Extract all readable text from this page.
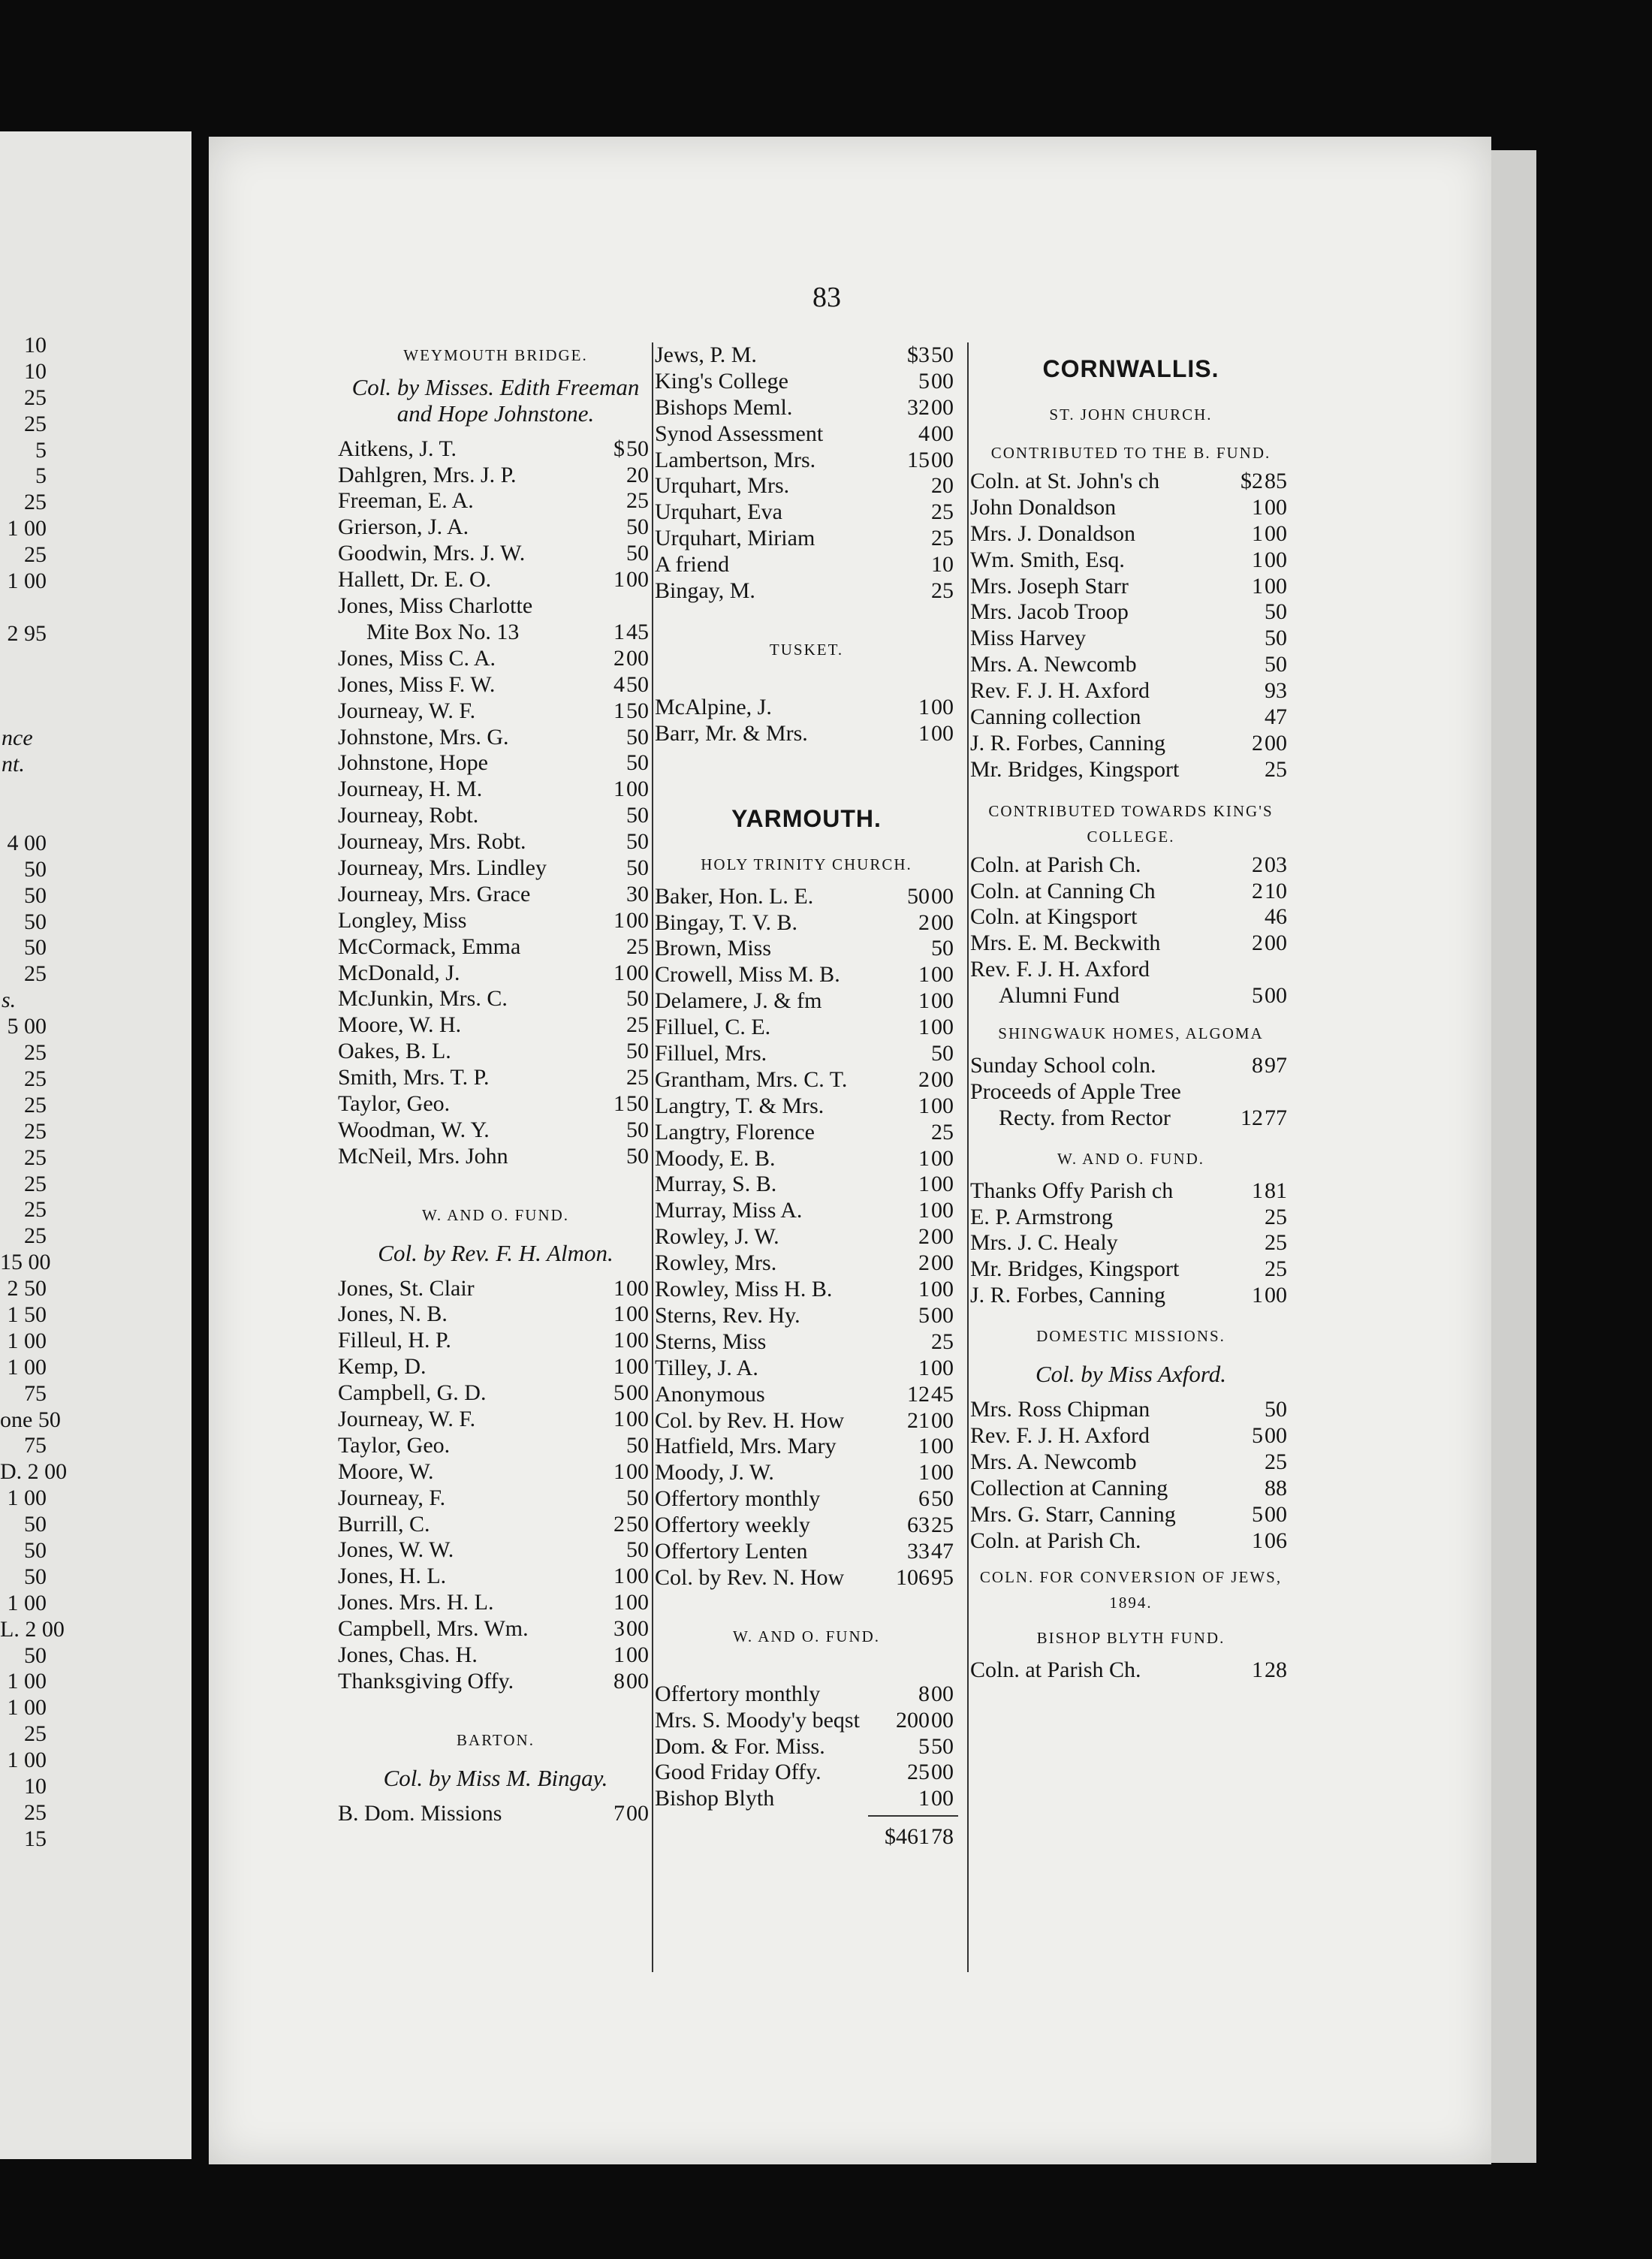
10
10
25
25
5
5
25
1 00
25
1 00
2 95
nce
nt.
4 00
50
50
50
50
25
s.
5 00
25
25
25
25
25
25
25
25
15 00
2 50
1 50
1 00
1 00
75
one 50
75
D. 2 00
1 00
50
50
50
1 00
L. 2 00
50
1 00
1 00
25
1 00
10
25
15
83
WEYMOUTH BRIDGE.
Col. by Misses. Edith Freeman and Hope Johnstone.
Aitkens, J. T.	$ 50
Dahlgren, Mrs. J. P.	20
Freeman, E. A.	25
Grierson, J. A.	50
Goodwin, Mrs. J. W.	50
Hallett, Dr. E. O.	1 00
Jones, Miss Charlotte
Mite Box No. 13	1 45
Jones, Miss C. A.	2 00
Jones, Miss F. W.	4 50
Journeay, W. F.	1 50
Johnstone, Mrs. G.	50
Johnstone, Hope	50
Journeay, H. M.	1 00
Journeay, Robt.	50
Journeay, Mrs. Robt.	50
Journeay, Mrs. Lindley	50
Journeay, Mrs. Grace	30
Longley, Miss	1 00
McCormack, Emma	25
McDonald, J.	1 00
McJunkin, Mrs. C.	50
Moore, W. H.	25
Oakes, B. L.	50
Smith, Mrs. T. P.	25
Taylor, Geo.	1 50
Woodman, W. Y.	50
McNeil, Mrs. John	50
W. AND O. FUND.
Col. by Rev. F. H. Almon.
Jones, St. Clair	1 00
Jones, N. B.	1 00
Filleul, H. P.	1 00
Kemp, D.	1 00
Campbell, G. D.	5 00
Journeay, W. F.	1 00
Taylor, Geo.	50
Moore, W.	1 00
Journeay, F.	50
Burrill, C.	2 50
Jones, W. W.	50
Jones, H. L.	1 00
Jones. Mrs. H. L.	1 00
Campbell, Mrs. Wm.	3 00
Jones, Chas. H.	1 00
Thanksgiving Offy.	8 00
BARTON.
Col. by Miss M. Bingay.
B. Dom. Missions	7 00
Jews, P. M.	$3 50
King's College	5 00
Bishops Meml.	32 00
Synod Assessment	4 00
Lambertson, Mrs.	15 00
Urquhart, Mrs.	20
Urquhart, Eva	25
Urquhart, Miriam	25
A friend	10
Bingay, M.	25
TUSKET.
McAlpine, J.	1 00
Barr, Mr. & Mrs.	1 00
YARMOUTH.
HOLY TRINITY CHURCH.
Baker, Hon. L. E.	50 00
Bingay, T. V. B.	2 00
Brown, Miss	50
Crowell, Miss M. B.	1 00
Delamere, J. & fm	1 00
Filluel, C. E.	1 00
Filluel, Mrs.	50
Grantham, Mrs. C. T.	2 00
Langtry, T. & Mrs.	1 00
Langtry, Florence	25
Moody, E. B.	1 00
Murray, S. B.	1 00
Murray, Miss A.	1 00
Rowley, J. W.	2 00
Rowley, Mrs.	2 00
Rowley, Miss H. B.	1 00
Sterns, Rev. Hy.	5 00
Sterns, Miss	25
Tilley, J. A.	1 00
Anonymous	12 45
Col. by Rev. H. How	21 00
Hatfield, Mrs. Mary	1 00
Moody, J. W.	1 00
Offertory monthly	6 50
Offertory weekly	63 25
Offertory Lenten	33 47
Col. by Rev. N. How 106 95
W. AND O. FUND.
Offertory monthly	8 00
Mrs. S. Moody'y beqst 200 00
Dom. & For. Miss.	5 50
Good Friday Offy.	25 00
Bishop Blyth	1 00
$461 78
CORNWALLIS.
ST. JOHN CHURCH.
CONTRIBUTED TO THE B. FUND.
Coln. at St. John's ch	$2 85
John Donaldson	1 00
Mrs. J. Donaldson	1 00
Wm. Smith, Esq.	1 00
Mrs. Joseph Starr	1 00
Mrs. Jacob Troop	50
Miss Harvey	50
Mrs. A. Newcomb	50
Rev. F. J. H. Axford	93
Canning collection	47
J. R. Forbes, Canning	2 00
Mr. Bridges, Kingsport	25
CONTRIBUTED TOWARDS KING'S COLLEGE.
Coln. at Parish Ch.	2 03
Coln. at Canning Ch	2 10
Coln. at Kingsport	46
Mrs. E. M. Beckwith	2 00
Rev. F. J. H. Axford
Alumni Fund	5 00
SHINGWAUK HOMES, ALGOMA
Sunday School coln.	8 97
Proceeds of Apple Tree
Recty. from Rector	12 77
W. AND O. FUND.
Thanks Offy Parish ch	1 81
E. P. Armstrong	25
Mrs. J. C. Healy	25
Mr. Bridges, Kingsport	25
J. R. Forbes, Canning	1 00
DOMESTIC MISSIONS.
Col. by Miss Axford.
Mrs. Ross Chipman	50
Rev. F. J. H. Axford	5 00
Mrs. A. Newcomb	25
Collection at Canning	88
Mrs. G. Starr, Canning	5 00
Coln. at Parish Ch.	1 06
COLN. FOR CONVERSION OF JEWS, 1894.
BISHOP BLYTH FUND.
Coln. at Parish Ch.	1 28
